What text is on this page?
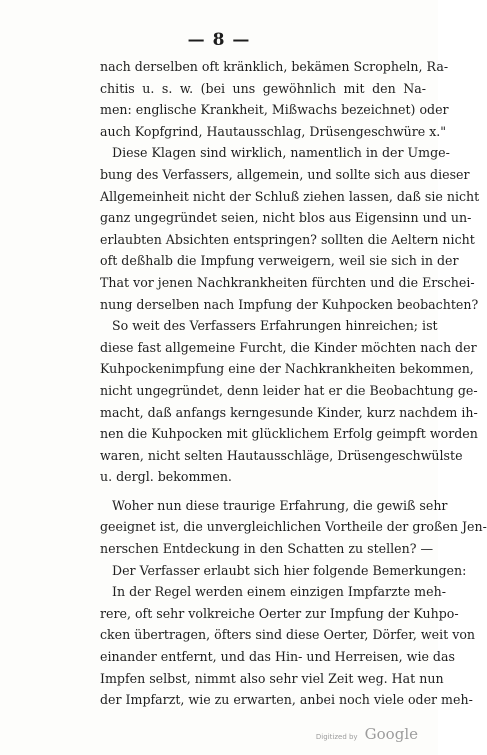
— 8 —
nach derselben oft kränklich, bekämen Scropheln, Ra-
chitis u. s. w. (bei uns gewöhnlich mit den Na-
men: englische Krankheit, Mißwachs bezeichnet) oder
auch Kopfgrind, Hautausschlag, Drüsengeschwüre x."
Diese Klagen sind wirklich, namentlich in der Umge-
bung des Verfassers, allgemein, und sollte sich aus dieser
Allgemeinheit nicht der Schluß ziehen lassen, daß sie nicht
ganz ungegründet seien, nicht blos aus Eigensinn und un-
erlaubten Absichten entspringen? sollten die Aeltern nicht
oft deßhalb die Impfung verweigern, weil sie sich in der
That vor jenen Nachkrankheiten fürchten und die Erschei-
nung derselben nach Impfung der Kuhpocken beobachten?
So weit des Verfassers Erfahrungen hinreichen; ist
diese fast allgemeine Furcht, die Kinder möchten nach der
Kuhpockenimpfung eine der Nachkrankheiten bekommen,
nicht ungegründet, denn leider hat er die Beobachtung ge-
macht, daß anfangs kerngesunde Kinder, kurz nachdem ih-
nen die Kuhpocken mit glücklichem Erfolg geimpft worden
waren, nicht selten Hautausschläge, Drüsengeschwülste
u. dergl. bekommen.
Woher nun diese traurige Erfahrung, die gewiß sehr
geeignet ist, die unvergleichlichen Vortheile der großen Jen-
nerschen Entdeckung in den Schatten zu stellen? —
Der Verfasser erlaubt sich hier folgende Bemerkungen:
In der Regel werden einem einzigen Impfarzte meh-
rere, oft sehr volkreiche Oerter zur Impfung der Kuhpo-
cken übertragen, öfters sind diese Oerter, Dörfer, weit von
einander entfernt, und das Hin- und Herreisen, wie das
Impfen selbst, nimmt also sehr viel Zeit weg. Hat nun
der Impfarzt, wie zu erwarten, anbei noch viele oder meh-
Digitized by Google
